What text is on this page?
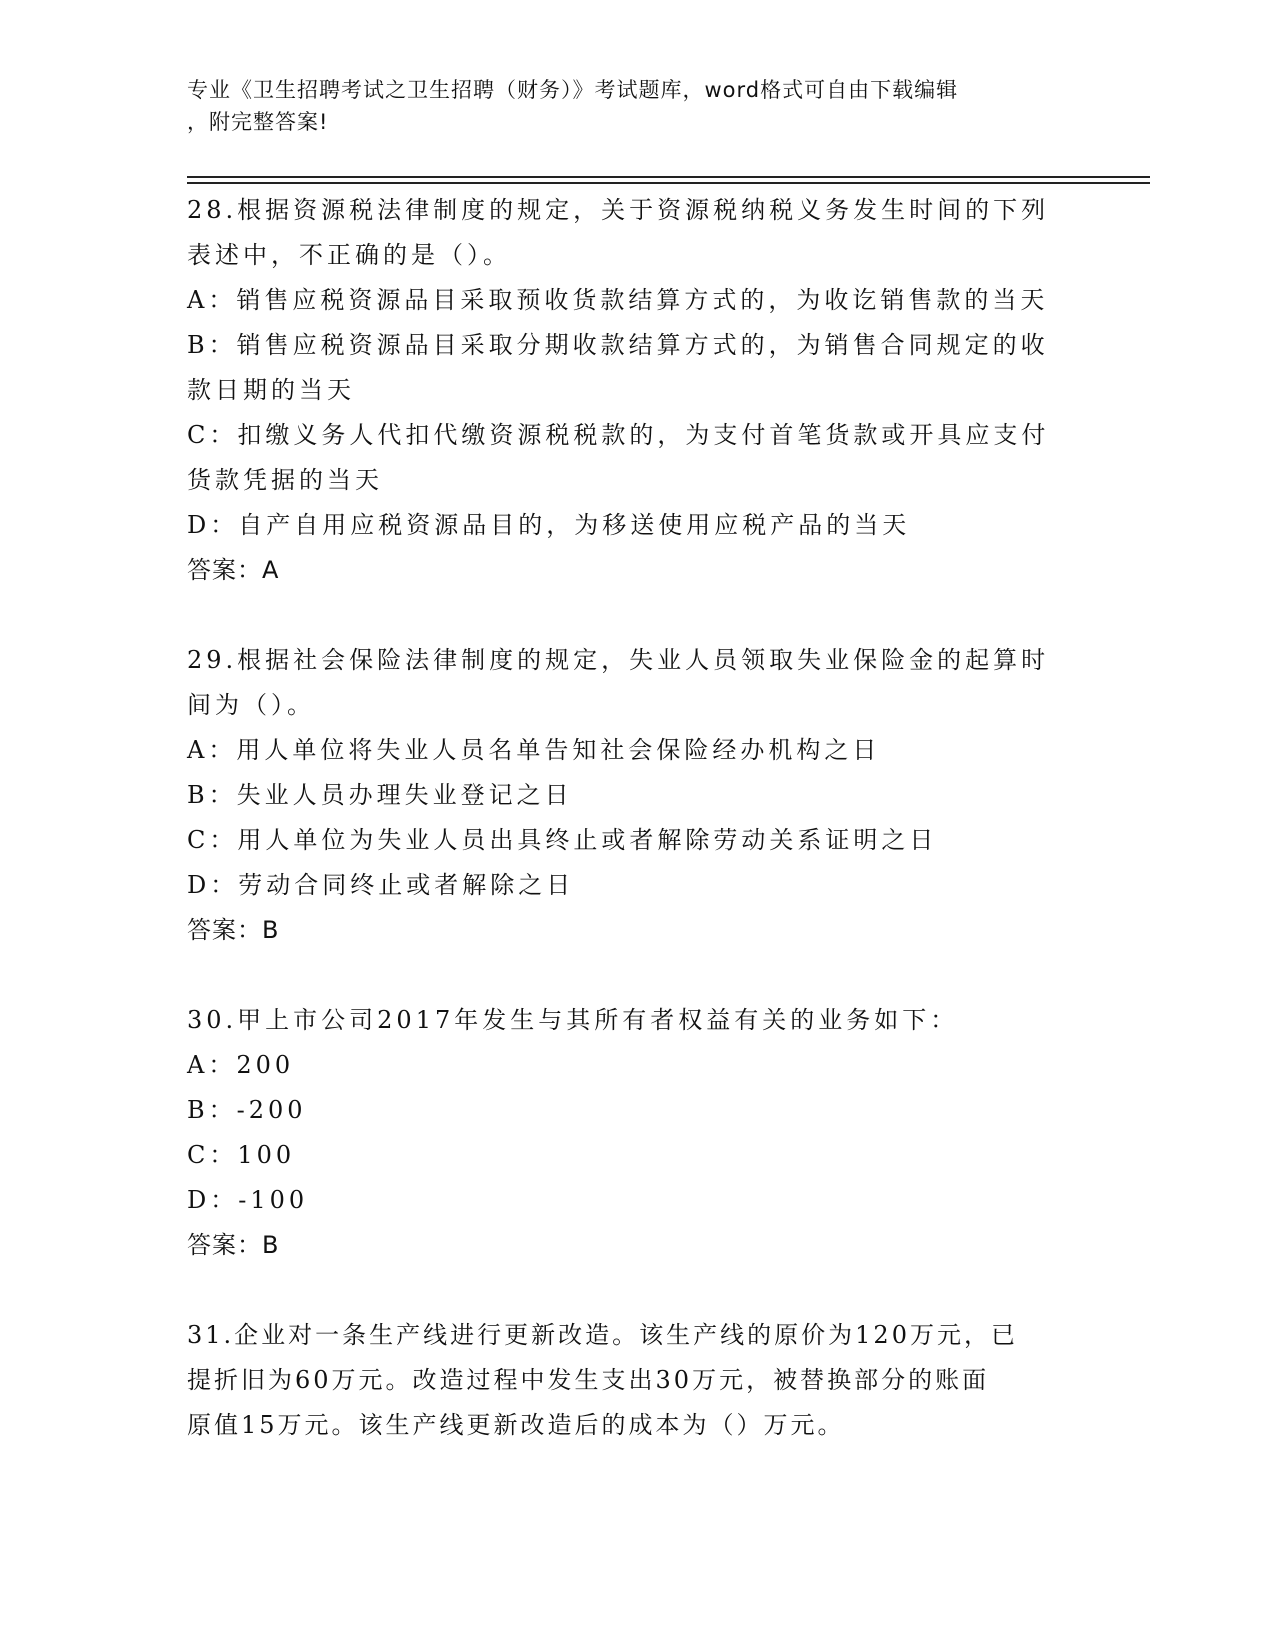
专业《卫生招聘考试之卫生招聘（财务）》考试题库，word格式可自由下载编辑
，附完整答案!

28.根据资源税法律制度的规定，关于资源税纳税义务发生时间的下列

表述中，不正确的是（）。

A：销售应税资源品目采取预收货款结算方式的，为收讫销售款的当天

B：销售应税资源品目采取分期收款结算方式的，为销售合同规定的收

款日期的当天

C：扣缴义务人代扣代缴资源税税款的，为支付首笔货款或开具应支付

货款凭据的当天

D：自产自用应税资源品目的，为移送使用应税产品的当天

答案：A

29.根据社会保险法律制度的规定，失业人员领取失业保险金的起算时

间为（）。

A：用人单位将失业人员名单告知社会保险经办机构之日

B：失业人员办理失业登记之日

C：用人单位为失业人员出具终止或者解除劳动关系证明之日

D：劳动合同终止或者解除之日

答案：B

30.甲上市公司2017年发生与其所有者权益有关的业务如下：

A：200

B：-200

C：100

D：-100

答案：B

31.企业对一条生产线进行更新改造。该生产线的原价为120万元，已

提折旧为60万元。改造过程中发生支出30万元，被替换部分的账面

原值15万元。该生产线更新改造后的成本为（）万元。
